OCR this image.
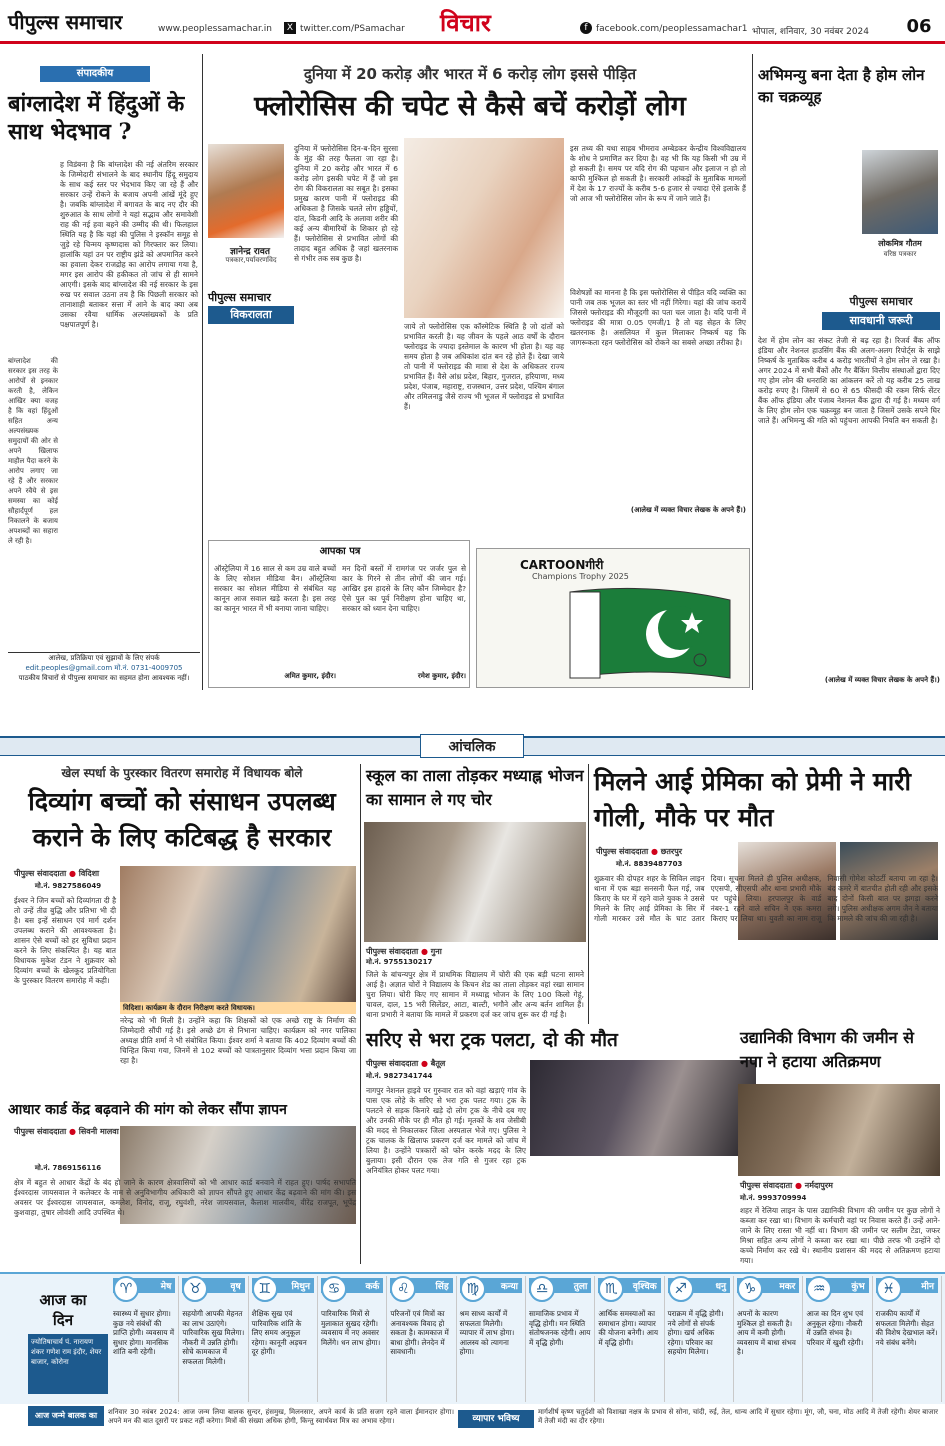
पीपुल्स समाचार	www.peoplessamachar.in	X twitter.com/PSamachar	विचार	f facebook.com/peoplessamachar1 भोपाल, शनिवार, 30 नवंबर 2024	06
संपादकीय
बांग्लादेश में हिंदुओं के साथ भेदभाव ?
ह विडंबना है कि बांग्लादेश की नई अंतरिम सरकार के जिम्मेदारी संभालने के बाद स्थानीय हिंदू समुदाय के साथ कई स्तर पर भेदभाव किए जा रहे हैं और सरकार उन्हें रोकने के बजाय अपनी आंखें मूंदे हुए है। जबकि बांग्लादेश में बगावत के बाद नए दौर की शुरुआत के साथ लोगों ने यहां सद्भाव और समावेशी राह की नई हवा बहने की उम्मीद की थी। फिलहाल स्थिति यह है कि यहां की पुलिस ने इस्कॉन समूह से जुड़े रहे चिन्मय कृष्णदास को गिरफ्तार कर लिया। हालांकि यहां उन पर राष्ट्रीय झंडे को अपमानित करने का हवाला देकर राजद्रोह का आरोप लगाया गया है, मगर इस आरोप की हकीकत तो जांच से ही सामने आएगी। इसके बाद बांग्लादेश की नई सरकार के इस रुख पर सवाल उठना तय है कि पिछली सरकार को तानाशाही बताकर सत्ता में आने के बाद क्या अब उसका रवैया धार्मिक अल्पसंख्यकों के प्रति पक्षपातपूर्ण है।
बांग्लादेश की सरकार इस तरह के आरोपों से इनकार करती है, लेकिन आखिर क्या वजह है कि वहां हिंदुओं सहित अन्य अल्पसंख्यक समुदायों की ओर से अपने खिलाफ माहौल पैदा करने के आरोप लगाए जा रहे हैं और सरकार अपने रवैये से इस समस्या का कोई सौहार्दपूर्ण हल निकालने के बजाय अपशब्दों का सहारा ले रही है।
आलेख, प्रतिक्रिया एवं सुझावों के लिए संपर्क
edit.peoples@gmail.com मो.नं. 0731-4009705
पाठकीय विचारों से पीपुल्स समाचार का सहमत होना आवश्यक नहीं।
दुनिया में 20 करोड़ और भारत में 6 करोड़ लोग इससे पीड़ित
फ्लोरोसिस की चपेट से कैसे बचें करोड़ों लोग
ज्ञानेन्द्र रावत
पत्रकार,पर्यावरणविद
पीपुल्स समाचार
विकरालता
दुनिया में फ्लोरोसिस दिन-ब-दिन सुरसा के मुंह की तरह फैलता जा रहा है। दुनिया में 20 करोड़ और भारत में 6 करोड़ लोग इसकी चपेट में हैं जो इस रोग की विकरालता का सबूत है। इसका प्रमुख कारण पानी में फ्लोराइड की अधिकता है जिसके चलते लोग हड्डियों, दांत, किडनी आदि के अलावा शरीर की कई अन्य बीमारियों के शिकार हो रहे हैं। फ्लोरोसिस से प्रभावित लोगों की तादाद बहुत अधिक है जहां खतरनाक से गंभीर तक सब कुछ है।
जाये तो फ्लोरोसिस एक कॉस्मेटिक स्थिति है जो दांतों को प्रभावित करती है। यह जीवन के पहले आठ वर्षों के दौरान फ्लोराइड के ज्यादा इस्तेमाल के कारण भी होता है। यह वह समय होता है जब अधिकांश दांत बन रहे होते हैं। देखा जाये तो पानी में फ्लोराइड की मात्रा से देश के अधिकतर राज्य प्रभावित हैं। वैसे आंध्र प्रदेश, बिहार, गुजरात, हरियाणा, मध्य प्रदेश, पंजाब, महाराष्ट्र, राजस्थान, उत्तर प्रदेश, पश्चिम बंगाल और तमिलनाडु जैसे राज्य भी भूजल में फ्लोराइड से प्रभावित हैं।
इस तथ्य की यथा साहब भीमराव अम्बेडकर केन्द्रीय विश्वविद्यालय के शोध ने प्रमाणित कर दिया है। वह भी कि यह किसी भी उम्र में हो सकती है। समय पर यदि रोग की पहचान और इलाज न हो तो काफी मुश्किल हो सकती है। सरकारी आंकड़ों के मुताबिक मामलों में देश के 17 राज्यों के करीब 5-6 हजार से ज्यादा ऐसे इलाके हैं जो आज भी फ्लोरोसिस जोन के रूप में जाने जाते हैं।
विशेषज्ञों का मानना है कि इस फ्लोरोसिस से पीड़ित यदि व्यक्ति का पानी जब तक भूजल का स्तर भी नहीं गिरेगा। यहां की जांच करायें जिससे फ्लोराइड की मौजूदगी का पता चल जाता है। यदि पानी में फ्लोराइड की मात्रा 0.05 एमजी/1 है तो यह सेहत के लिए खतरनाक है। असलियत में कुल मिलाकर निष्कर्ष यह कि जागरूकता रहन फ्लोरोसिस को रोकने का सबसे अच्छा तरीका है।
(आलेख में व्यक्त विचार लेखक के अपने हैं।)
अभिमन्यु बना देता है होम लोन का चक्रव्यूह
लोकमित्र गौतम
वरिष्ठ पत्रकार
पीपुल्स समाचार
सावधानी जरूरी
देश में होम लोन का संकट तेजी से बढ़ रहा है। रिजर्व बैंक ऑफ इंडिया और नेशनल हाउसिंग बैंक की अलग-अलग रिपोर्ट्स के साझे निष्कर्ष के मुताबिक करीब 4 करोड़ भारतीयों ने होम लोन ले रखा है। अगर 2024 में सभी बैंकों और गैर बैंकिंग वित्तीय संस्थाओं द्वारा दिए गए होम लोन की धनराशि का आंकलन करें तो यह करीब 25 लाख करोड़ रुपए है। जिसमें से 60 से 65 फीसदी की रकम सिर्फ सेंटर बैंक ऑफ इंडिया और पंजाब नेशनल बैंक द्वारा दी गई है। मध्यम वर्ग के लिए होम लोन एक चक्रव्यूह बन जाता है जिसमें उसके सपने घिर जाते हैं। अभिमन्यु की गति को पहुंचना आपकी नियति बन सकती है।
(आलेख में व्यक्त विचार लेखक के अपने हैं।)
आपका पत्र
ऑस्ट्रेलिया में 16 साल से कम उम्र वाले बच्चों के लिए सोशल मीडिया बैन। ऑस्ट्रेलिया सरकार का सोशल मीडिया से संबंधित यह कानून आज सवाल खड़े करता है। इस तरह का कानून भारत में भी बनाया जाना चाहिए।
अमित कुमार, इंदौर।
मन दिनों बस्तों में रामगंज पर जर्जर पुल से कार के गिरने से तीन लोगों की जान गई। आखिर इस हादसे के लिए कौन जिम्मेदार है? ऐसे पुल का पूर्व निरीक्षण होना चाहिए था, सरकार को ध्यान देना चाहिए।
रमेश कुमार, इंदौर।
CARTOONगीरी
Champions Trophy 2025
आंचलिक
खेल स्पर्धा के पुरस्कार वितरण समारोह में विधायक बोले
दिव्यांग बच्चों को संसाधन उपलब्ध कराने के लिए कटिबद्ध है सरकार
पीपुल्स संवाददाता ● विदिशा
मो.नं. 9827586049
ईश्वर ने जिन बच्चों को दिव्यांगता दी है तो उन्हें तीव्र बुद्धि और प्रतिभा भी दी है। बस इन्हें संसाधन एवं मार्ग दर्शन उपलब्ध कराने की आवश्यकता है। शासन ऐसे बच्चों को हर सुविधा प्रदान करने के लिए संकल्पित है। यह बात विधायक मुकेश टंडन ने शुक्रवार को दिव्यांग बच्चों के खेलकूद प्रतियोगिता के पुरस्कार वितरण समारोह में कही।
विदिशा। कार्यक्रम के दौरान निरीक्षण करते विधायक।
नरेन्द्र को भी मिली है। उन्होंने कहा कि शिक्षकों को एक अच्छे राष्ट्र के निर्माण की जिम्मेदारी सौंपी गई है। इसे अच्छे ढंग से निभाना चाहिए। कार्यक्रम को नगर पालिका अध्यक्ष प्रीति शर्मा ने भी संबोधित किया। ईश्वर शर्मा ने बताया कि 402 दिव्यांग बच्चों की चिन्हित किया गया, जिनमें से 102 बच्चों को पात्रतानुसार दिव्यांग भत्ता प्रदान किया जा रहा है।
आधार कार्ड केंद्र बढ़वाने की मांग को लेकर सौंपा ज्ञापन
पीपुल्स संवाददाता ● सिवनी मालवा
मो.नं. 7869156116
क्षेत्र में बहुत से आधार केंद्रों के बंद हो जाने के कारण क्षेत्रवासियों को भी आधार कार्ड बनवाने में राहत हुए। पार्षद सभापति ईश्वरदास जायसवाल ने कलेक्टर के नाम से अनुविभागीय अधिकारी को ज्ञापन सौंपते हुए आधार केंद्र बढ़वाने की मांग की। इस अवसर पर ईश्वरदास जायसवाल, कमलेश, विनोद, राजू, रघुवंशी, नरेश जायसवाल, कैलाश मालवीय, वीरेंद्र राजपूत, भूपेंद्र कुशवाहा, तुषार लोवंशी आदि उपस्थित थे।
स्कूल का ताला तोड़कर मध्याह्न भोजन का सामान ले गए चोर
पीपुल्स संवाददाता ● गुना
मो.नं. 9755130217
जिले के बांचन्यपुर क्षेत्र में प्राथमिक विद्यालय में चोरी की एक बड़ी घटना सामने आई है। अज्ञात चोरों ने विद्यालय के किचन शेड का ताला तोड़कर वहां रखा सामान चुरा लिया। चोरी किए गए सामान में मध्याह्न भोजन के लिए 100 किलो गेहूं, चावल, दाल, 15 भरी सिलेंडर, आटा, बाल्टी, भगौने और अन्य बर्तन शामिल हैं। थाना प्रभारी ने बताया कि मामले में प्रकरण दर्ज कर जांच शुरू कर दी गई है।
सरिए से भरा ट्रक पलटा, दो की मौत
पीपुल्स संवाददाता ● बैतूल
मो.नं. 9827341744
नागपुर नेशनल हाइवे पर गुरुवार रात को वहां खड़ाएं गांव के पास एक लोहे के सरिए से भरा ट्रक पलट गया। ट्रक के पलटने से सड़क किनारे खड़े दो लोग ट्रक के नीचे दब गए और उनकी मौके पर ही मौत हो गई। मृतकों के शव जेसीबी की मदद से निकालकर जिला अस्पताल भेजे गए। पुलिस ने ट्रक चालक के खिलाफ प्रकरण दर्ज कर मामले को जांच में लिया है। उन्होंने पत्रकारों को फोन करके मदद के लिए बुलाया। इसी दौरान एक तेज गति से गुजर रहा ट्रक अनियंत्रित होकर पलट गया।
मिलने आई प्रेमिका को प्रेमी ने मारी गोली, मौके पर मौत
पीपुल्स संवाददाता ● छतरपुर
मो.नं. 8839487703
शुक्रवार की दोपहर शहर के सिविल लाइन थाना में एक बड़ा सनसनी फैल गई, जब किराए के घर में रहने वाले युवक ने उससे मिलने के लिए आई प्रेमिका के सिर में गोली मारकर उसे मौत के घाट उतार दिया। सूचना मिलते ही पुलिस अधीक्षक, एएसपी, सीएसपी और थाना प्रभारी मौके पर पहुंचे। लिया। हरपालपुर के वार्ड नंबर-1 रहने वाले सचिन ने एक कमरा किराए पर लिया था। युवती का नाम राजू निवासी गोमेश कोठर्टी बताया जा रहा है। बंद कमरे में बातचीत होती रही और इसके बाद दोनों किसी बात पर झगड़ा करने लगे। पुलिस अधीक्षक अगम जैन ने बताया कि मामले की जांच की जा रही है।
उद्यानिकी विभाग की जमीन से नपा ने हटाया अतिक्रमण
पीपुल्स संवाददाता ● नर्मदापुरम
मो.नं. 9993709994
शहर में रेलिया लाइन के पास उद्यानिकी विभाग की जमीन पर कुछ लोगों ने कब्जा कर रखा था। विभाग के कर्मचारी वहां पर निवास करते हैं। उन्हें आने-जाने के लिए रास्ता भी नहीं था। विभाग की जमीन पर सलीम टेडा, जफर मिश्रा सहित अन्य लोगों ने कब्जा कर रखा था। पीछे तरफ भी उन्होंने दो कच्चे निर्माण कर रखे थे। स्थानीय प्रशासन की मदद से अतिक्रमण हटाया गया।
आज का दिन
ज्योतिषाचार्य पं. नारायण शंकर गणेश राम इंदौर, शेयर बाजार, कोरोना
♈	मेष
स्वास्थ्य में सुधार होगा। कुछ नये संबंधों की प्राप्ति होगी। व्यवसाय में सुधार होगा। मानसिक शांति बनी रहेगी।
♉	वृष
सहयोगी आपकी मेहनत का लाभ उठाएंगे। पारिवारिक सुख मिलेगा। नौकरी में उन्नति होगी। सोचे कामकाज में सफलता मिलेगी।
♊	मिथुन
शैक्षिक सुख एवं पारिवारिक शांति के लिए समय अनुकूल रहेगा। कानूनी अड़चन दूर होगी।
♋	कर्क
पारिवारिक मित्रों से मुलाकात सुखद रहेगी। व्यवसाय में नए अवसर मिलेंगे। धन लाभ होगा।
♌	सिंह
परिजनों एवं मित्रों का अनावश्यक विवाद हो सकता है। कामकाज में बाधा होगी। लेनदेन में सावधानी।
♍	कन्या
श्रम साध्य कार्यों में सफलता मिलेगी। व्यापार में लाभ होगा। आलस्य को त्यागना होगा।
♎	तुला
सामाजिक प्रभाव में वृद्धि होगी। मन स्थिति संतोषजनक रहेगी। आय में वृद्धि होगी।
♏	वृश्चिक
आर्थिक समस्याओं का समाधान होगा। व्यापार की योजना बनेगी। आय में वृद्धि होगी।
♐	धनु
पराक्रम में वृद्धि होगी। नये लोगों से संपर्क होगा। खर्च अधिक रहेगा। परिवार का सहयोग मिलेगा।
♑	मकर
अपनों के कारण मुश्किल हो सकती है। आय में कमी होगी। व्यवसाय में बाधा संभव है।
♒	कुंभ
आज का दिन शुभ एवं अनुकूल रहेगा। नौकरी में उन्नति संभव है। परिवार में खुशी रहेगी।
♓	मीन
राजकीय कार्यों में सफलता मिलेगी। सेहत की विशेष देखभाल करें। नये संबंध बनेंगे।
आज जन्मे बालक का फल
शनिवार 30 नवंबर 2024: आज जन्म लिया बालक सुन्दर, हंसमुख, मिलनसार, अपने कार्य के प्रति सजग रहने वाला ईमानदार होगा। अपने मन की बात दूसरों पर प्रकट नहीं करेगा। मित्रों की संख्या अधिक होगी, किन्तु स्वार्थवश मित्र का अभाव रहेगा।	व्यापार भविष्य
मार्गशीर्ष कृष्ण चतुर्दशी को विशाखा नक्षत्र के प्रभाव से सोना, चांदी, रुई, तेल, धान्य आदि में सुधार रहेगा। मूंग, जौ, चना, मोठ आदि में तेजी रहेगी। शेयर बाजार में तेजी मंदी का दौर रहेगा।
